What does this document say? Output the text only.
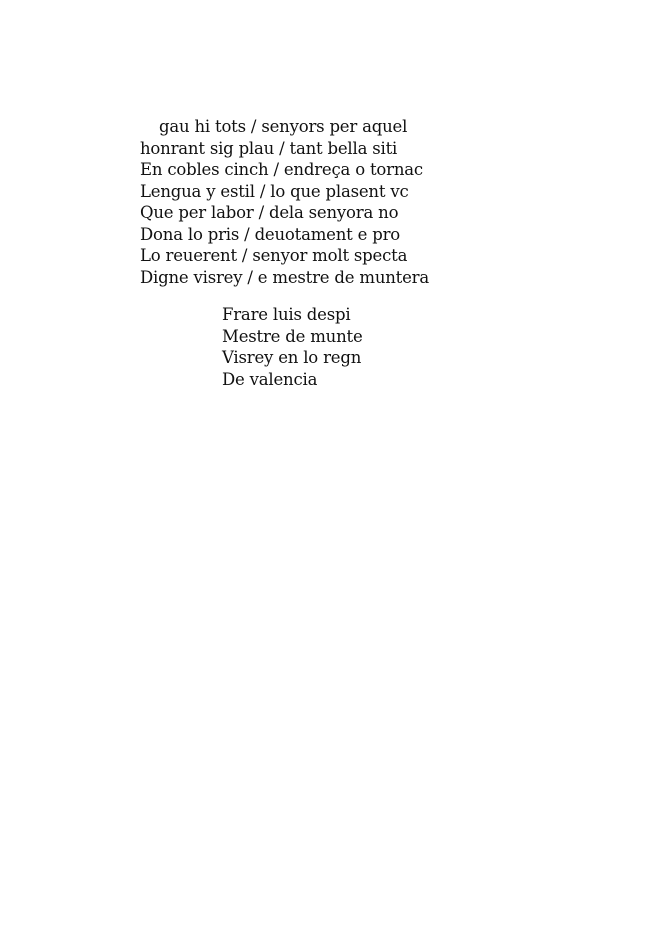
gau hi tots / senyors per aquel
honrant sig plau / tant bella siti
En cobles cinch / endreça o tornac
Lengua y estil / lo que plasent vc
Que per labor / dela senyora no
Dona lo pris / deuotament e pro
Lo reuerent / senyor molt specta
Digne visrey / e mestre de muntera
Frare luis despi
Mestre de munte
Visrey en lo regn
De valencia
